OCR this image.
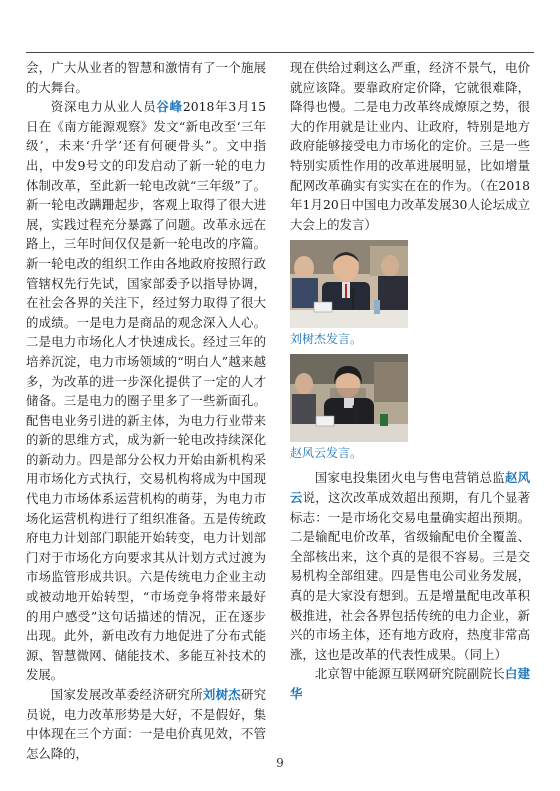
会，广大从业者的智慧和激情有了一个施展的大舞台。

资深电力从业人员谷峰2018年3月15日在《南方能源观察》发文“新电改至‘三年级’，未来‘升学’还有何硬骨头”。文中指出，中发9号文的印发启动了新一轮的电力体制改革，至此新一轮电改就“三年级”了。新一轮电改蹒跚起步，客观上取得了很大进展，实践过程充分暴露了问题。改革永远在路上，三年时间仅仅是新一轮电改的序篇。新一轮电改的组织工作由各地政府按照行政管辖权先行先试，国家部委予以指导协调，在社会各界的关注下，经过努力取得了很大的成绩。一是电力是商品的观念深入人心。二是电力市场化人才快速成长。经过三年的培养沉淀，电力市场领域的“明白人”越来越多，为改革的进一步深化提供了一定的人才储备。三是电力的圈子里多了一些新面孔。配售电业务引进的新主体，为电力行业带来的新的思维方式，成为新一轮电改持续深化的新动力。四是部分公权力开始由新机构采用市场化方式执行，交易机构将成为中国现代电力市场体系运营机构的萌芽，为电力市场化运营机构进行了组织准备。五是传统政府电力计划部门职能开始转变，电力计划部门对于市场化方向要求其从计划方式过渡为市场监管形成共识。六是传统电力企业主动或被动地开始转型，“市场竞争将带来最好的用户感受”这句话描述的情况，正在逐步出现。此外，新电改有力地促进了分布式能源、智慧微网、储能技术、多能互补技术的发展。

国家发展改革委经济研究所刘树杰研究员说，电力改革形势是大好，不是假好，集中体现在三个方面：一是电价真见效，不管怎么降的，

现在供给过剩这么严重，经济不景气，电价就应该降。要靠政府定价降，它就很难降，降得也慢。二是电力改革终成燎原之势，很大的作用就是让业内、让政府，特别是地方政府能够接受电力市场化的定价。三是一些特别实质性作用的改革进展明显，比如增量配网改革确实有实实在在的作为。（在2018年1月20日中国电力改革发展30人论坛成立大会上的发言）

刘树杰发言。
赵风云发言。

国家电投集团火电与售电营销总监赵风云说，这次改革成效超出预期，有几个显著标志：一是市场化交易电量确实超出预期。二是输配电价改革，省级输配电价全覆盖、全部核出来，这个真的是很不容易。三是交易机构全部组建。四是售电公司业务发展，真的是大家没有想到。五是增量配电改革积极推进，社会各界包括传统的电力企业，新兴的市场主体，还有地方政府，热度非常高涨，这也是改革的代表性成果。（同上）

北京智中能源互联网研究院副院长白建华

9
